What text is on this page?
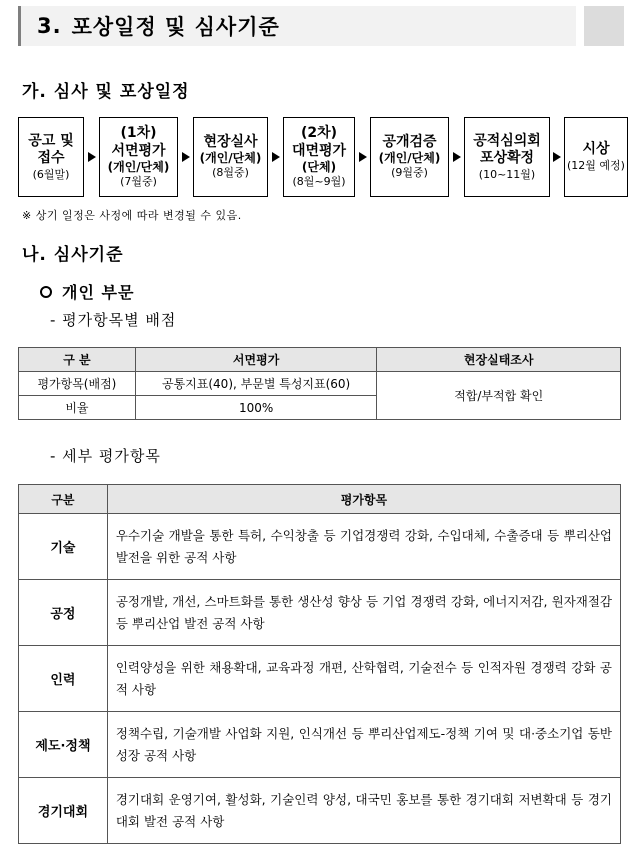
3. 포상일정 및 심사기준
가. 심사 및 포상일정
공고 및
접수
(6월말)
(1차)
서면평가
(개인/단체)
(7월중)
현장실사
(개인/단체)
(8월중)
(2차)
대면평가
(단체)
(8월~9월)
공개검증
(개인/단체)
(9월중)
공적심의회
포상확정
(10~11월)
시상
(12월 예정)
※ 상기 일정은 사정에 따라 변경될 수 있음.
나. 심사기준
개인 부문
- 평가항목별 배점
구 분	서면평가	현장실태조사
평가항목(배점)	공통지표(40), 부문별 특성지표(60)	적합/부적합 확인
비율	100%	
- 세부 평가항목
구분	평가항목
기술	우수기술 개발을 통한 특허, 수익창출 등 기업경쟁력 강화, 수입대체, 수출증대 등 뿌리산업 발전을 위한 공적 사항
공정	공정개발, 개선, 스마트화를 통한 생산성 향상 등 기업 경쟁력 강화, 에너지저감, 원자재절감 등 뿌리산업 발전 공적 사항
인력	인력양성을 위한 채용확대, 교육과정 개편, 산학협력, 기술전수 등 인적자원 경쟁력 강화 공적 사항
제도·정책	정책수립, 기술개발 사업화 지원, 인식개선 등 뿌리산업제도-정책 기여 및 대·중소기업 동반성장 공적 사항
경기대회	경기대회 운영기여, 활성화, 기술인력 양성, 대국민 홍보를 통한 경기대회 저변확대 등 경기대회 발전 공적 사항
